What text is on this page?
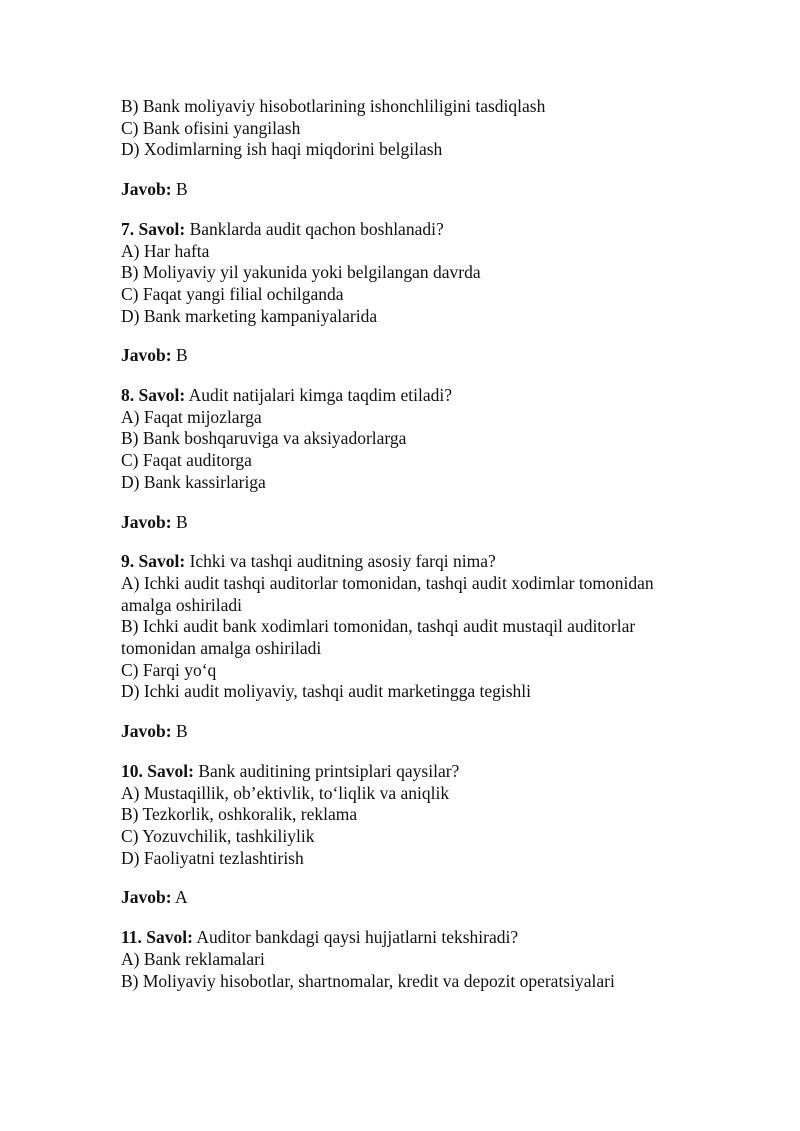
B) Bank moliyaviy hisobotlarining ishonchliligini tasdiqlash
C) Bank ofisini yangilash
D) Xodimlarning ish haqi miqdorini belgilash
Javob: B
7. Savol: Banklarda audit qachon boshlanadi?
A) Har hafta
B) Moliyaviy yil yakunida yoki belgilangan davrda
C) Faqat yangi filial ochilganda
D) Bank marketing kampaniyalarida
Javob: B
8. Savol: Audit natijalari kimga taqdim etiladi?
A) Faqat mijozlarga
B) Bank boshqaruviga va aksiyadorlarga
C) Faqat auditorga
D) Bank kassirlariga
Javob: B
9. Savol: Ichki va tashqi auditning asosiy farqi nima?
A) Ichki audit tashqi auditorlar tomonidan, tashqi audit xodimlar tomonidan amalga oshiriladi
B) Ichki audit bank xodimlari tomonidan, tashqi audit mustaqil auditorlar tomonidan amalga oshiriladi
C) Farqi yo‘q
D) Ichki audit moliyaviy, tashqi audit marketingga tegishli
Javob: B
10. Savol: Bank auditining printsiplari qaysilar?
A) Mustaqillik, ob’ektivlik, to‘liqlik va aniqlik
B) Tezkorlik, oshkoralik, reklama
C) Yozuvchilik, tashkiliylik
D) Faoliyatni tezlashtirish
Javob: A
11. Savol: Auditor bankdagi qaysi hujjatlarni tekshiradi?
A) Bank reklamalari
B) Moliyaviy hisobotlar, shartnomalar, kredit va depozit operatsiyalari
